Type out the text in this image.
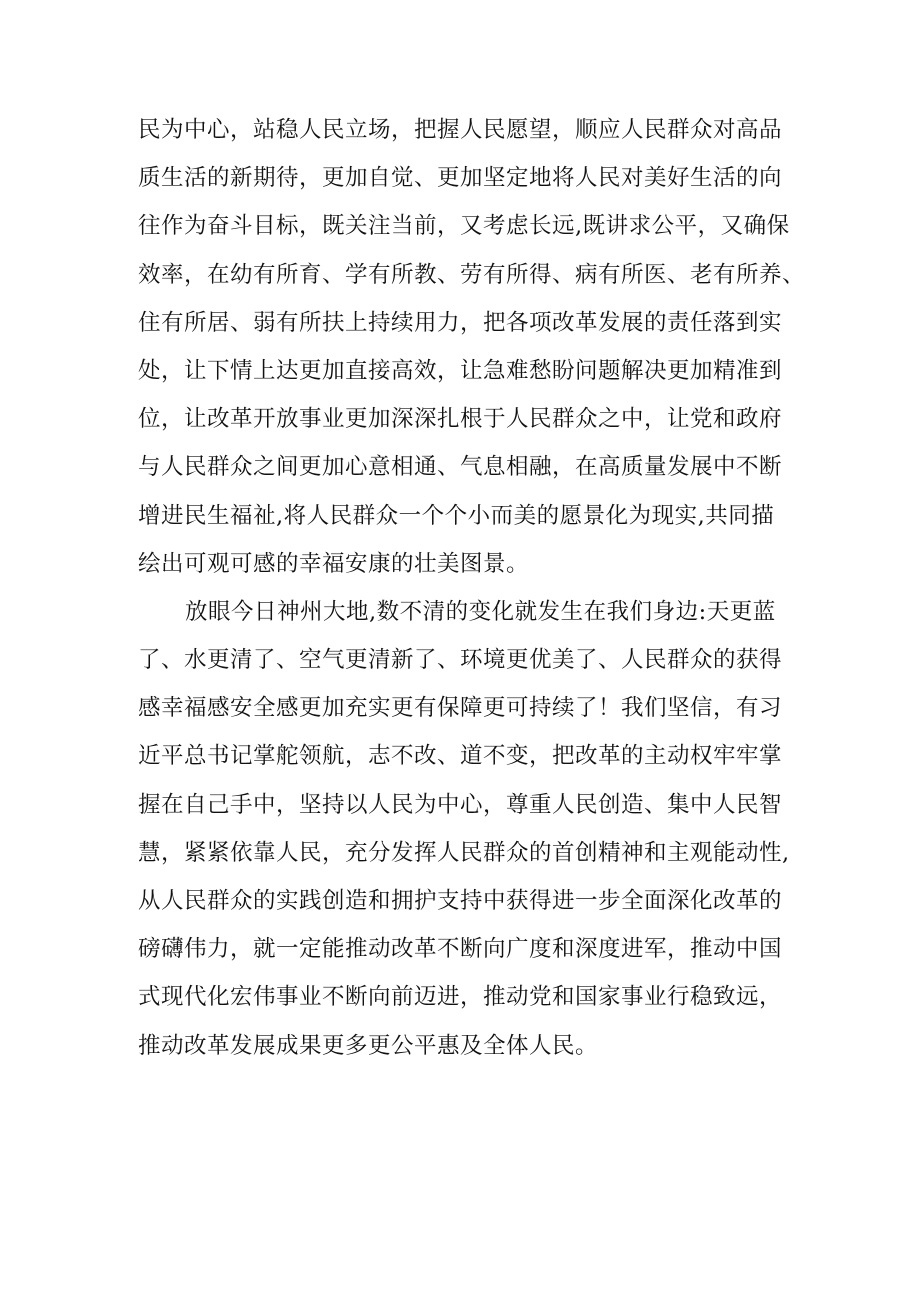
民为中心，站稳人民立场，把握人民愿望，顺应人民群众对高品
质生活的新期待，更加自觉、更加坚定地将人民对美好生活的向
往作为奋斗目标，既关注当前，又考虑长远,既讲求公平，又确保
效率，在幼有所育、学有所教、劳有所得、病有所医、老有所养、
住有所居、弱有所扶上持续用力，把各项改革发展的责任落到实
处，让下情上达更加直接高效，让急难愁盼问题解决更加精准到
位，让改革开放事业更加深深扎根于人民群众之中，让党和政府
与人民群众之间更加心意相通、气息相融，在高质量发展中不断
增进民生福祉,将人民群众一个个小而美的愿景化为现实,共同描
绘出可观可感的幸福安康的壮美图景。
放眼今日神州大地,数不清的变化就发生在我们身边:天更蓝
了、水更清了、空气更清新了、环境更优美了、人民群众的获得
感幸福感安全感更加充实更有保障更可持续了！我们坚信，有习
近平总书记掌舵领航，志不改、道不变，把改革的主动权牢牢掌
握在自己手中，坚持以人民为中心，尊重人民创造、集中人民智
慧，紧紧依靠人民，充分发挥人民群众的首创精神和主观能动性,
从人民群众的实践创造和拥护支持中获得进一步全面深化改革的
磅礴伟力，就一定能推动改革不断向广度和深度进军，推动中国
式现代化宏伟事业不断向前迈进，推动党和国家事业行稳致远，
推动改革发展成果更多更公平惠及全体人民。
